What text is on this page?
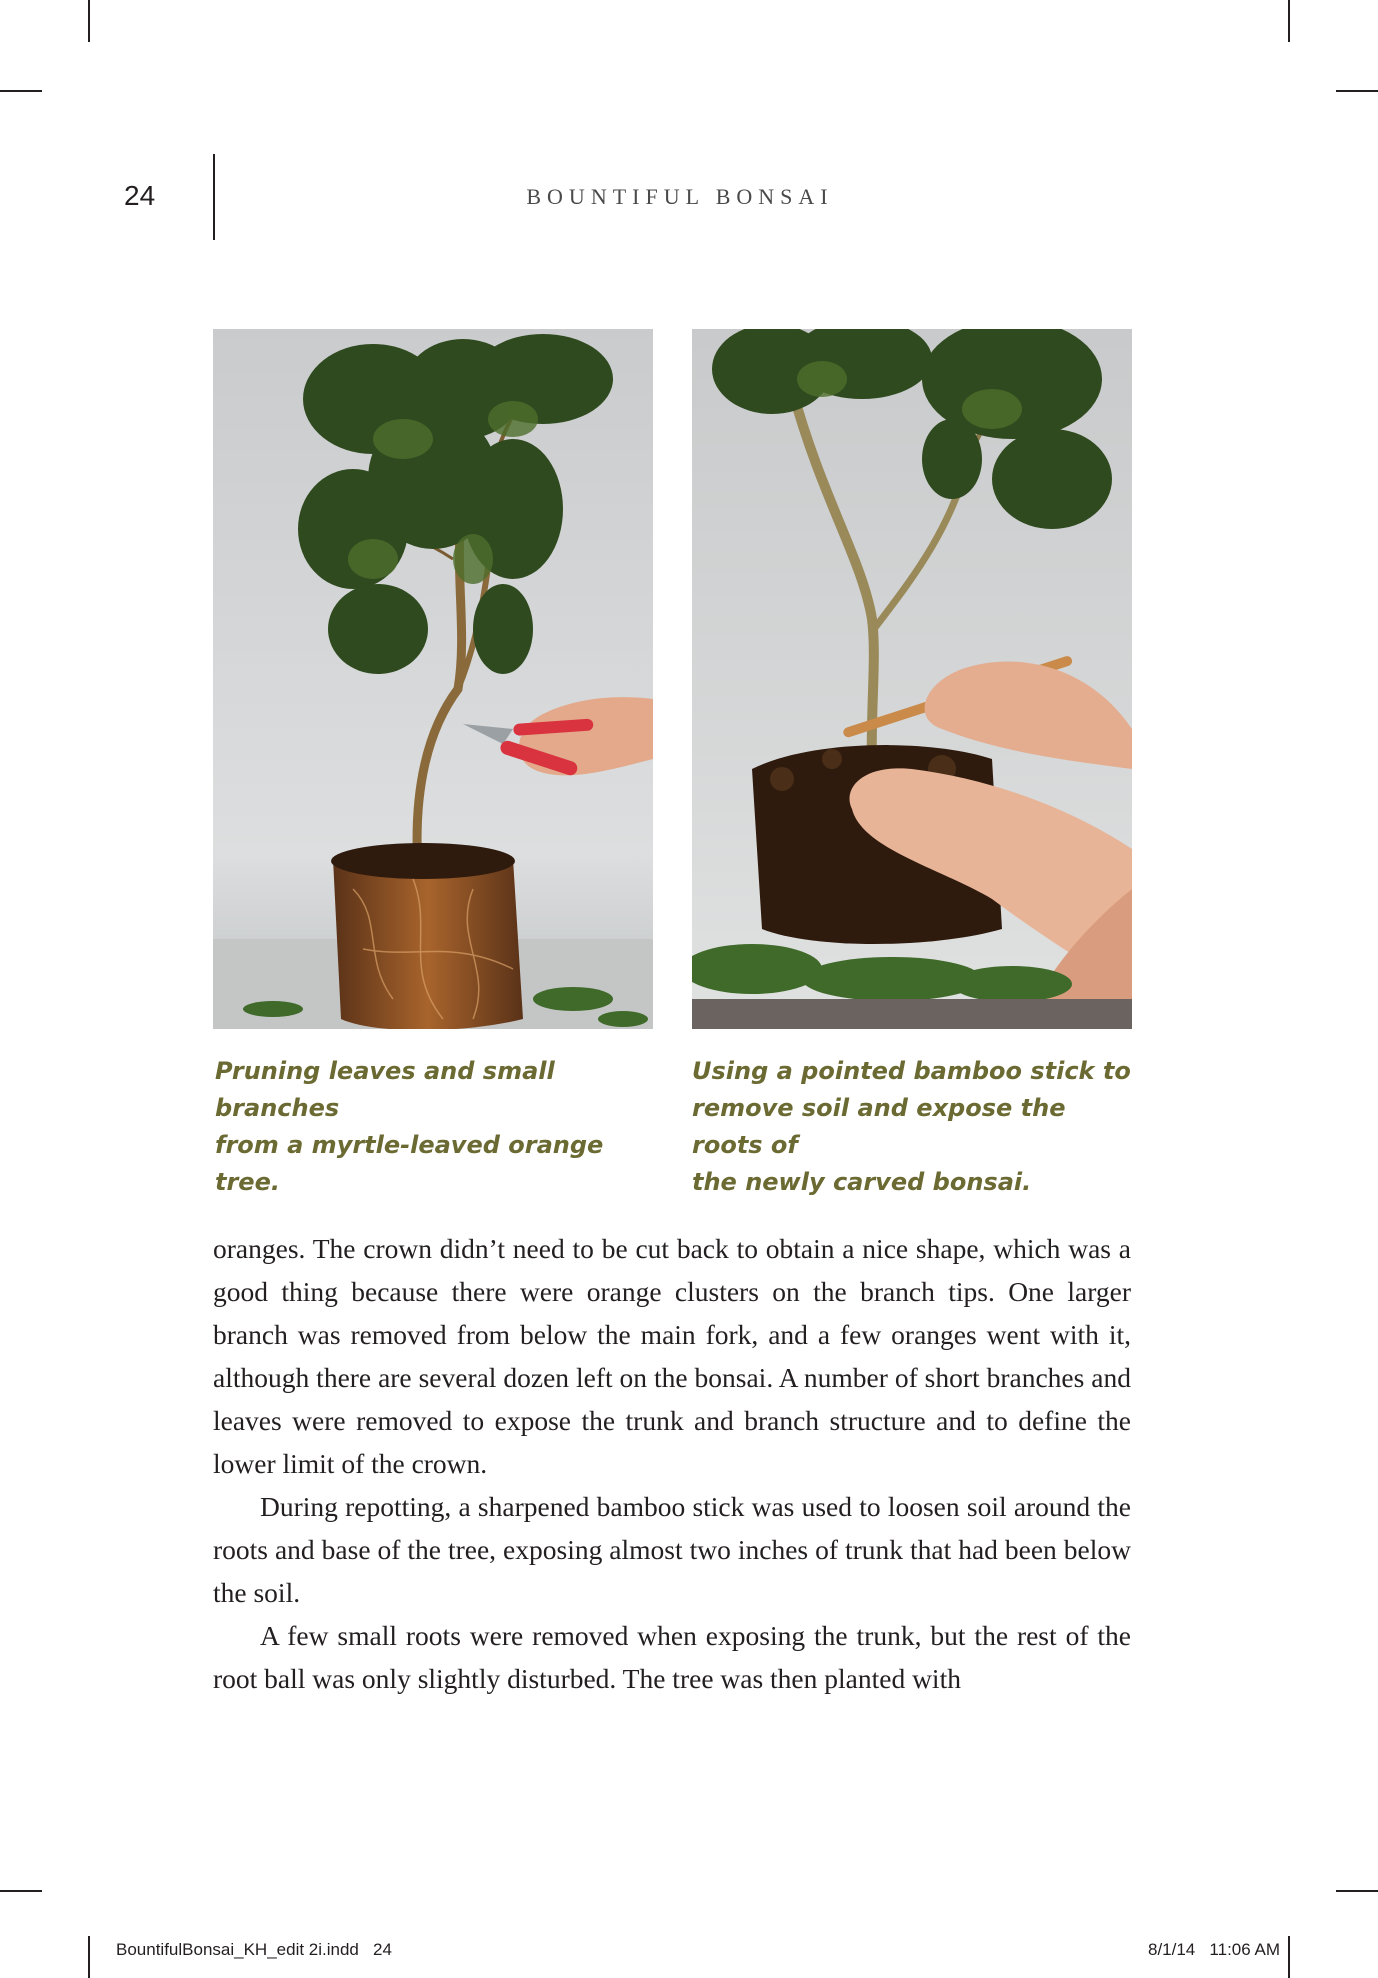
24	BOUNTIFUL BONSAI
Pruning leaves and small branches
from a myrtle-leaved orange tree.
Using a pointed bamboo stick to
remove soil and expose the roots of
the newly carved bonsai.

oranges. The crown didn’t need to be cut back to obtain a nice shape, which was a good thing because there were orange clusters on the branch tips. One larger branch was removed from below the main fork, and a few oranges went with it, although there are several dozen left on the bonsai. A number of short branches and leaves were removed to expose the trunk and branch structure and to define the lower limit of the crown.

During repotting, a sharpened bamboo stick was used to loosen soil around the roots and base of the tree, exposing almost two inches of trunk that had been below the soil.

A few small roots were removed when exposing the trunk, but the rest of the root ball was only slightly disturbed. The tree was then planted with

BountifulBonsai_KH_edit 2i.indd   24	8/1/14   11:06 AM
